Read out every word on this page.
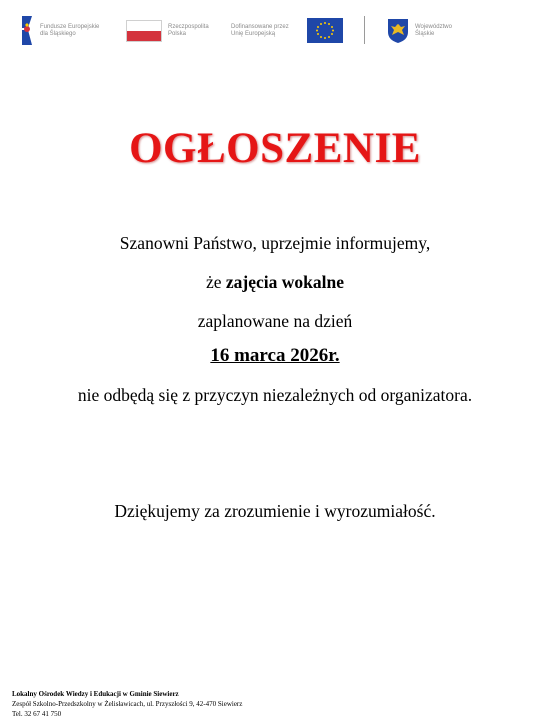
Fundusze Europejskie
dla Śląskiego
Rzeczpospolita
Polska
Dofinansowane przez
Unię Europejską
Województwo
Śląskie
OGŁOSZENIE
Szanowni Państwo, uprzejmie informujemy,
że zajęcia wokalne
zaplanowane na dzień
16 marca 2026r.
nie odbędą się z przyczyn niezależnych od organizatora.
Dziękujemy za zrozumienie i wyrozumiałość.
Lokalny Ośrodek Wiedzy i Edukacji w Gminie Siewierz
Zespół Szkolno-Przedszkolny w Żelisławicach, ul. Przyszłości 9, 42-470 Siewierz
Tel. 32 67 41 750
